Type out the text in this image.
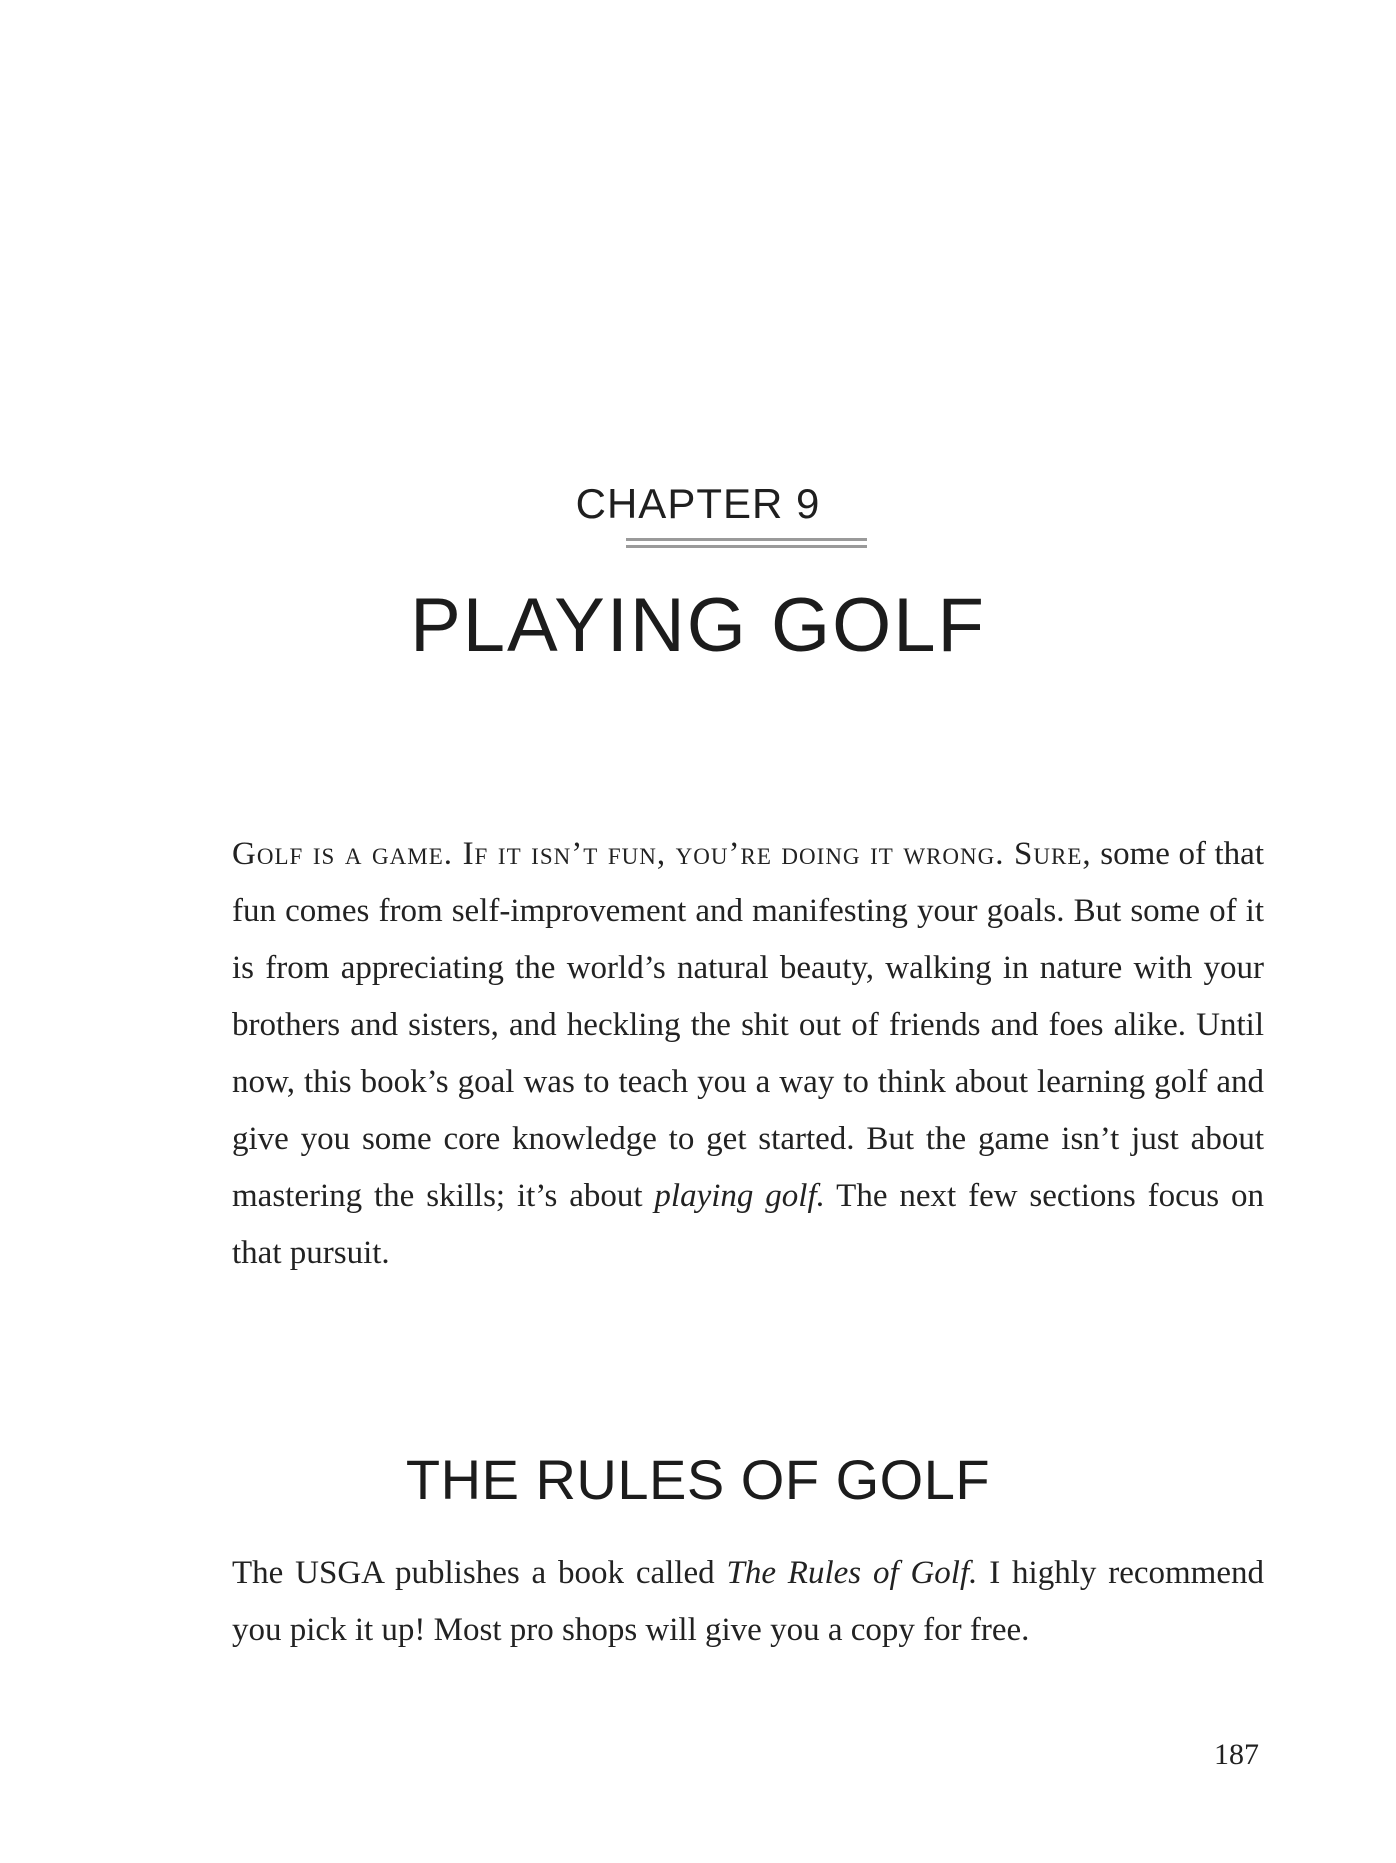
CHAPTER 9
PLAYING GOLF

Golf is a game. If it isn’t fun, you’re doing it wrong. Sure, some of that fun comes from self-improvement and manifesting your goals. But some of it is from appreciating the world’s natural beauty, walking in nature with your brothers and sisters, and heckling the shit out of friends and foes alike. Until now, this book’s goal was to teach you a way to think about learning golf and give you some core knowledge to get started. But the game isn’t just about mastering the skills; it’s about playing golf. The next few sections focus on that pursuit.

THE RULES OF GOLF

The USGA publishes a book called The Rules of Golf. I highly recommend you pick it up! Most pro shops will give you a copy for free.

187
